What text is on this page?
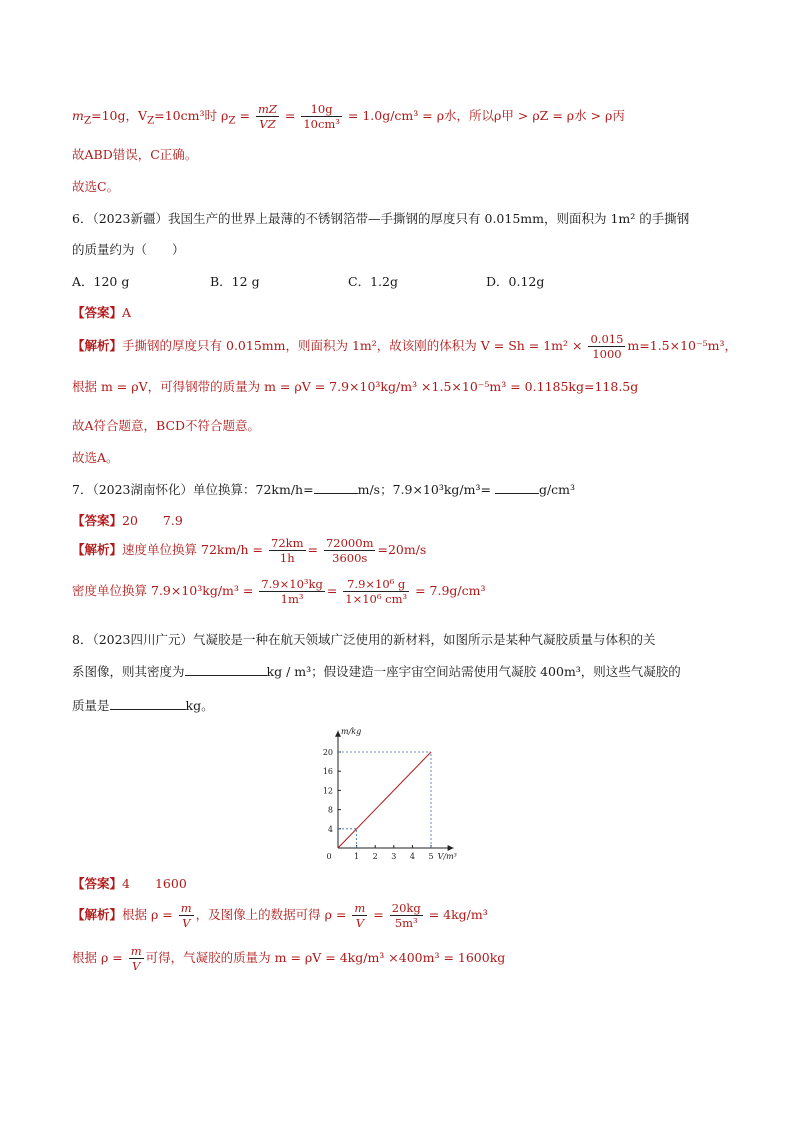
$m_Z=10g$，$V_Z=10cm^3$时 $\rho_Z = \frac{mZ}{VZ} = \frac{10g}{\text{10cm³}} = 1.0g/cm^3 = \rho$水，所以ρ甲 > ρZ = ρ水 > ρ丙
故ABD错误，C正确。
故选C。
6．（2023新疆）我国生产的世界上最薄的不锈钢箔带—手撕钢的厚度只有 0.015mm，则面积为 1m² 的手撕钢
的质量约为（　　）
A．120 g	B．12 g	C．1.2g	D．0.12g
【答案】A
【解析】手撕钢的厚度只有 0.015mm，则面积为 1m²，故该刚的体积为 $V = Sh = 1m^2 \times \frac{0.015}{1000} m=1.5\times 10^{-5}m^3$，
根据 m = ρV，可得钢带的质量为 m = ρV = 7.9×10³kg/m³ ×1.5×10⁻⁵m³ = 0.1185kg=118.5g
故A符合题意，BCD不符合题意。
故选A。
7．（2023湖南怀化）单位换算：72km/h=	m/s；7.9×10³kg/m³=	g/cm³
【答案】20　　7.9
【解析】速度单位换算 $72km/h = \frac{72km}{1h} = \frac{72000m}{3600s} =20m/s$
密度单位换算 $7.9\times 10^3kg/m^3 = \frac{\text{7.9×10³kg}}{\text{1m³}} = \frac{\text{7.9×10⁶ g}}{\text{1×10⁶ cm³}} = 7.9g/cm^3$
8．（2023四川广元）气凝胶是一种在航天领域广泛使用的新材料，如图所示是某种气凝胶质量与体积的关
系图像，则其密度为	kg / m³；假设建造一座宇宙空间站需使用气凝胶 400m³，则这些气凝胶的
质量是	kg。
0	1 2 3 4 5
4
8
12
16
20
m/kg
V/m³
【答案】4　　1600
【解析】根据 $\rho = \frac{m}{V}$ ，及图像上的数据可得 $\rho = \frac{m}{V} = \frac{20kg}{\text{5m³}} = 4kg/m^3$
根据 $\rho = \frac{m}{V}$ 可得，气凝胶的质量为 m = ρV = 4kg/m³ ×400m³ = 1600kg
